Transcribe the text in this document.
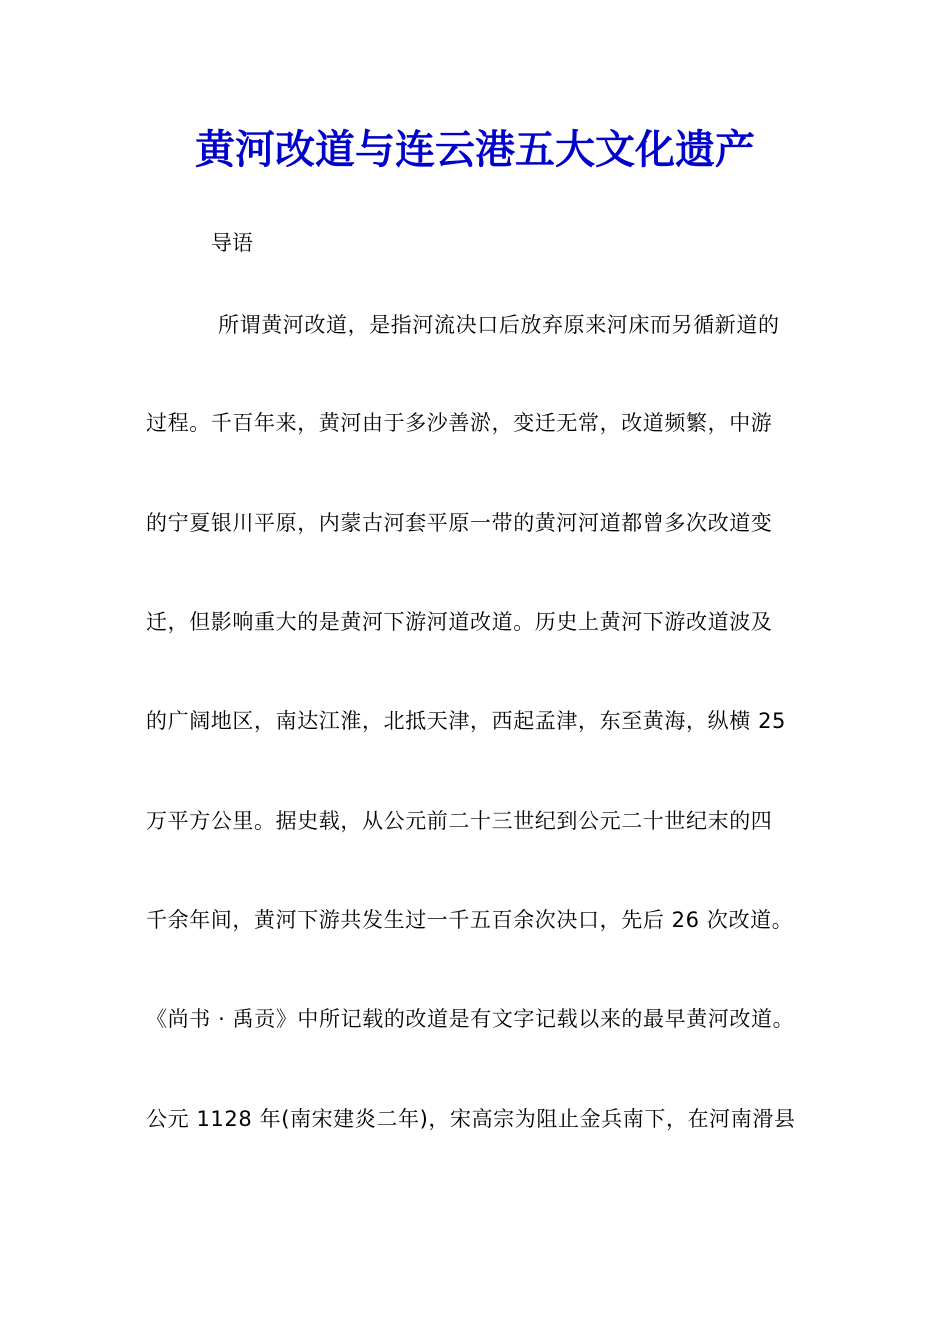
黄河改道与连云港五大文化遗产
导语
所谓黄河改道，是指河流决口后放弃原来河床而另循新道的
过程。千百年来，黄河由于多沙善淤，变迁无常，改道频繁，中游
的宁夏银川平原，内蒙古河套平原一带的黄河河道都曾多次改道变
迁，但影响重大的是黄河下游河道改道。历史上黄河下游改道波及
的广阔地区，南达江淮，北抵天津，西起孟津，东至黄海，纵横 25
万平方公里。据史载，从公元前二十三世纪到公元二十世纪末的四
千余年间，黄河下游共发生过一千五百余次决口，先后 26 次改道。
《尚书 · 禹贡》中所记载的改道是有文字记载以来的最早黄河改道。
公元 1128 年(南宋建炎二年)，宋高宗为阻止金兵南下，在河南滑县
